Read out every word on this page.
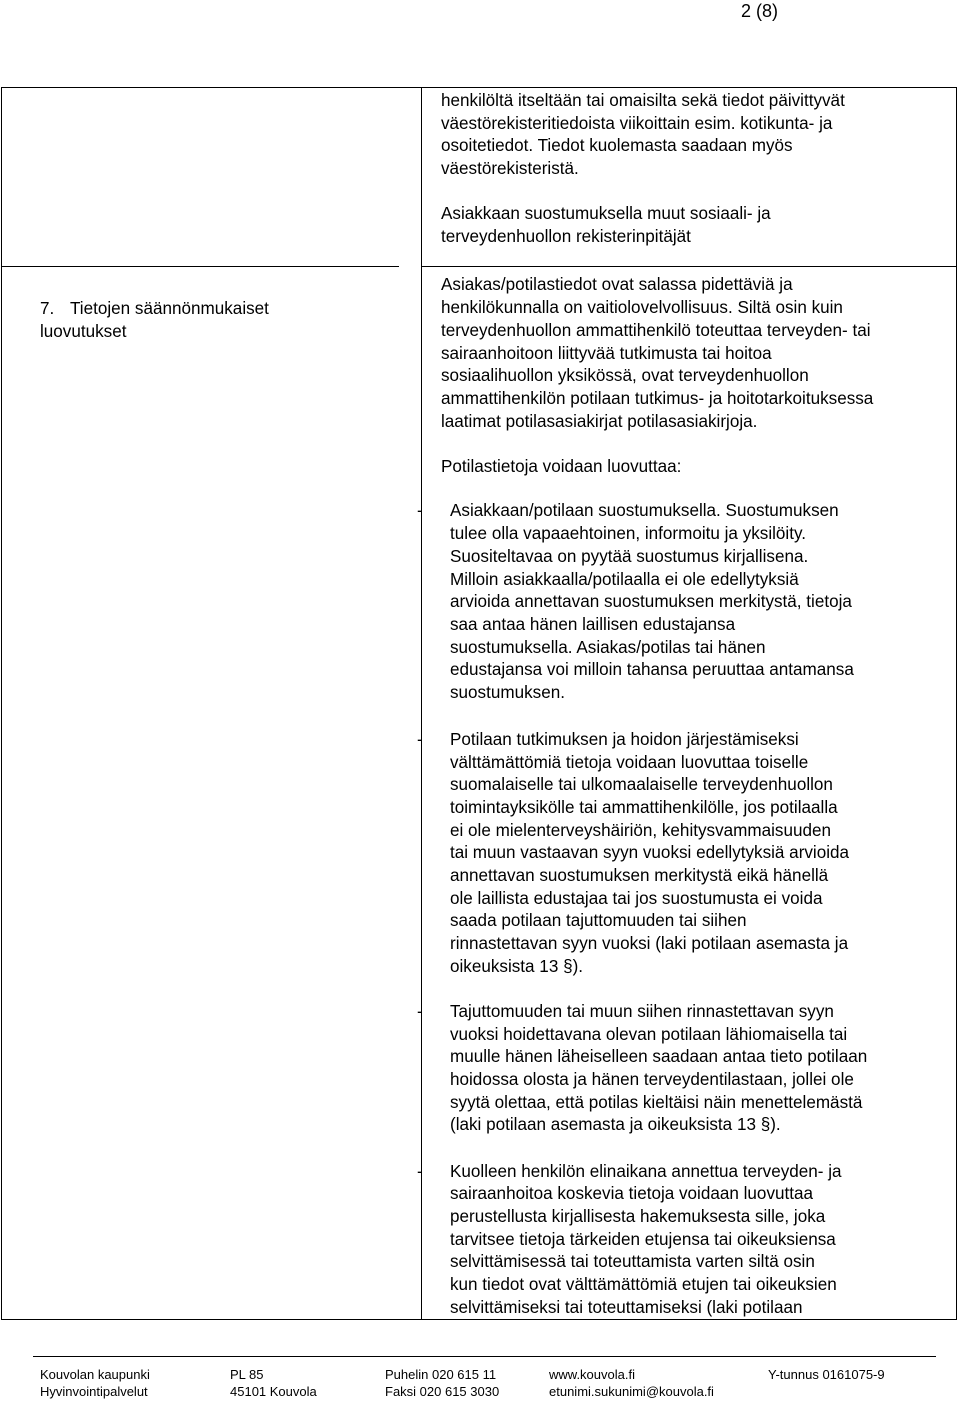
2 (8)
henkilöltä itseltään tai omaisilta sekä tiedot päivittyvät
väestörekisteritiedoista viikoittain esim. kotikunta- ja
osoitetiedot. Tiedot kuolemasta saadaan myös
väestörekisteristä.
Asiakkaan suostumuksella muut sosiaali- ja
terveydenhuollon rekisterinpitäjät
7. Tietojen säännönmukaiset
luovutukset
Asiakas/potilastiedot ovat salassa pidettäviä ja
henkilökunnalla on vaitiolovelvollisuus. Siltä osin kuin
terveydenhuollon ammattihenkilö toteuttaa terveyden- tai
sairaanhoitoon liittyvää tutkimusta tai hoitoa
sosiaalihuollon yksikössä, ovat terveydenhuollon
ammattihenkilön potilaan tutkimus- ja hoitotarkoituksessa
laatimat potilasasiakirjat potilasasiakirjoja.
Potilastietoja voidaan luovuttaa:
- Asiakkaan/potilaan suostumuksella. Suostumuksen
tulee olla vapaaehtoinen, informoitu ja yksilöity.
Suositeltavaa on pyytää suostumus kirjallisena.
Milloin asiakkaalla/potilaalla ei ole edellytyksiä
arvioida annettavan suostumuksen merkitystä, tietoja
saa antaa hänen laillisen edustajansa
suostumuksella. Asiakas/potilas tai hänen
edustajansa voi milloin tahansa peruuttaa antamansa
suostumuksen.
- Potilaan tutkimuksen ja hoidon järjestämiseksi
välttämättömiä tietoja voidaan luovuttaa toiselle
suomalaiselle tai ulkomaalaiselle terveydenhuollon
toimintayksikölle tai ammattihenkilölle, jos potilaalla
ei ole mielenterveyshäiriön, kehitysvammaisuuden
tai muun vastaavan syyn vuoksi edellytyksiä arvioida
annettavan suostumuksen merkitystä eikä hänellä
ole laillista edustajaa tai jos suostumusta ei voida
saada potilaan tajuttomuuden tai siihen
rinnastettavan syyn vuoksi (laki potilaan asemasta ja
oikeuksista 13 §).
- Tajuttomuuden tai muun siihen rinnastettavan syyn
vuoksi hoidettavana olevan potilaan lähiomaisella tai
muulle hänen läheiselleen saadaan antaa tieto potilaan
hoidossa olosta ja hänen terveydentilastaan, jollei ole
syytä olettaa, että potilas kieltäisi näin menettelemästä
(laki potilaan asemasta ja oikeuksista 13 §).
- Kuolleen henkilön elinaikana annettua terveyden- ja
sairaanhoitoa koskevia tietoja voidaan luovuttaa
perustellusta kirjallisesta hakemuksesta sille, joka
tarvitsee tietoja tärkeiden etujensa tai oikeuksiensa
selvittämisessä tai toteuttamista varten siltä osin
kun tiedot ovat välttämättömiä etujen tai oikeuksien
selvittämiseksi tai toteuttamiseksi (laki potilaan
Kouvolan kaupunki
Hyvinvointipalvelut
PL 85
45101 Kouvola
Puhelin 020 615 11
Faksi 020 615 3030
www.kouvola.fi
etunimi.sukunimi@kouvola.fi
Y-tunnus 0161075-9
